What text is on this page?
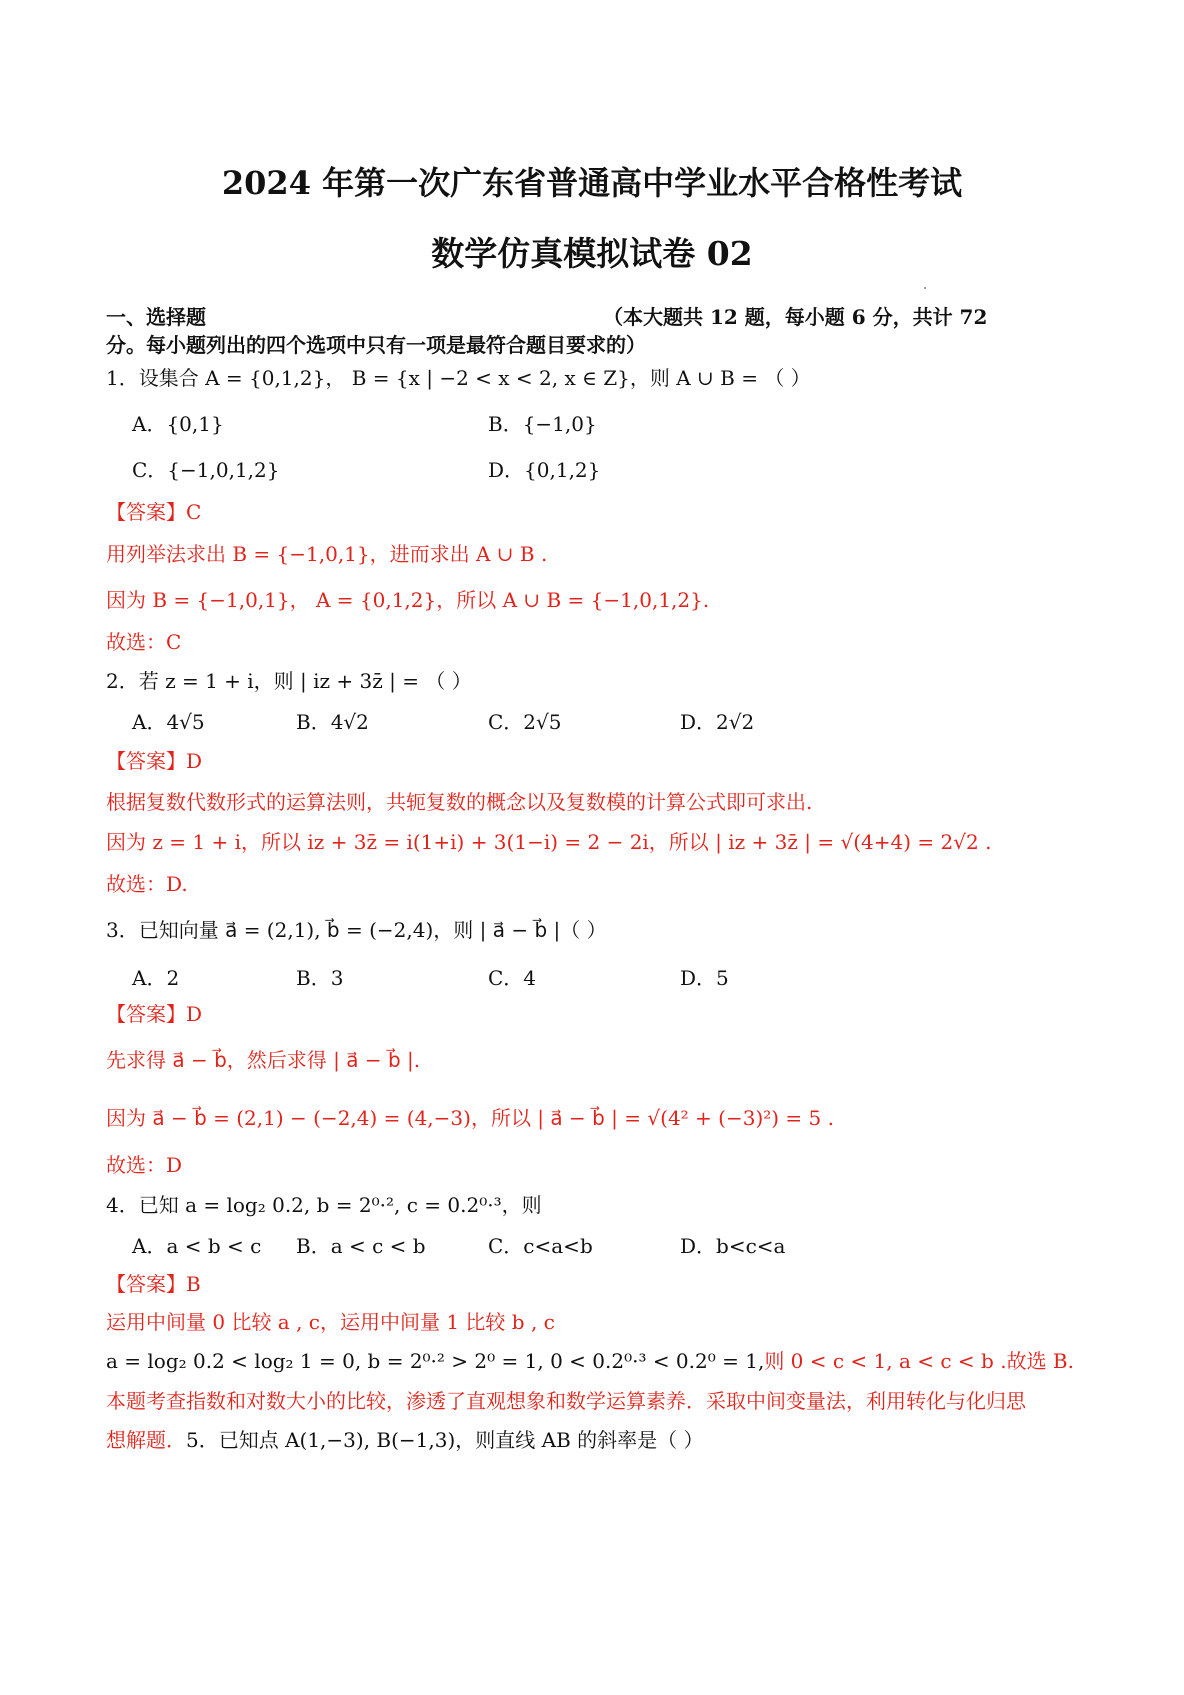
2024 年第一次广东省普通高中学业水平合格性考试
数学仿真模拟试卷 02
一、选择题	（本大题共 12 题，每小题 6 分，共计 72
分。每小题列出的四个选项中只有一项是最符合题目要求的）
1．设集合 A = {0,1,2}， B = {x | −2 < x < 2, x ∈ Z}，则 A ∪ B = （ ）
A．{0,1}	B．{−1,0}
C．{−1,0,1,2}	D．{0,1,2}
【答案】C
用列举法求出 B = {−1,0,1}，进而求出 A ∪ B .
因为 B = {−1,0,1}， A = {0,1,2}，所以 A ∪ B = {−1,0,1,2}.
故选：C
2．若 z = 1 + i，则 | iz + 3z̄ | = （ ）
A．4√5	B．4√2	C．2√5	D．2√2
【答案】D
根据复数代数形式的运算法则，共轭复数的概念以及复数模的计算公式即可求出.
因为 z = 1 + i，所以 iz + 3z̄ = i(1+i) + 3(1−i) = 2 − 2i，所以 | iz + 3z̄ | = √(4+4) = 2√2 .
故选：D.
3．已知向量 a⃗ = (2,1), b⃗ = (−2,4)，则 | a⃗ − b⃗ |（ ）
A．2	B．3	C．4	D．5
【答案】D
先求得 a⃗ − b⃗，然后求得 | a⃗ − b⃗ |.
因为 a⃗ − b⃗ = (2,1) − (−2,4) = (4,−3)，所以 | a⃗ − b⃗ | = √(4² + (−3)²) = 5 .
故选：D
4．已知 a = log₂ 0.2, b = 2⁰·², c = 0.2⁰·³，则
A．a < b < c B．a < c < b	C．c<a<b	D．b<c<a
【答案】B
运用中间量 0 比较 a , c，运用中间量 1 比较 b , c
a = log₂ 0.2 < log₂ 1 = 0, b = 2⁰·² > 2⁰ = 1, 0 < 0.2⁰·³ < 0.2⁰ = 1,则 0 < c < 1, a < c < b .故选 B.
本题考查指数和对数大小的比较，渗透了直观想象和数学运算素养．采取中间变量法，利用转化与化归思
想解题．5．已知点 A(1,−3), B(−1,3)，则直线 AB 的斜率是（ ）
